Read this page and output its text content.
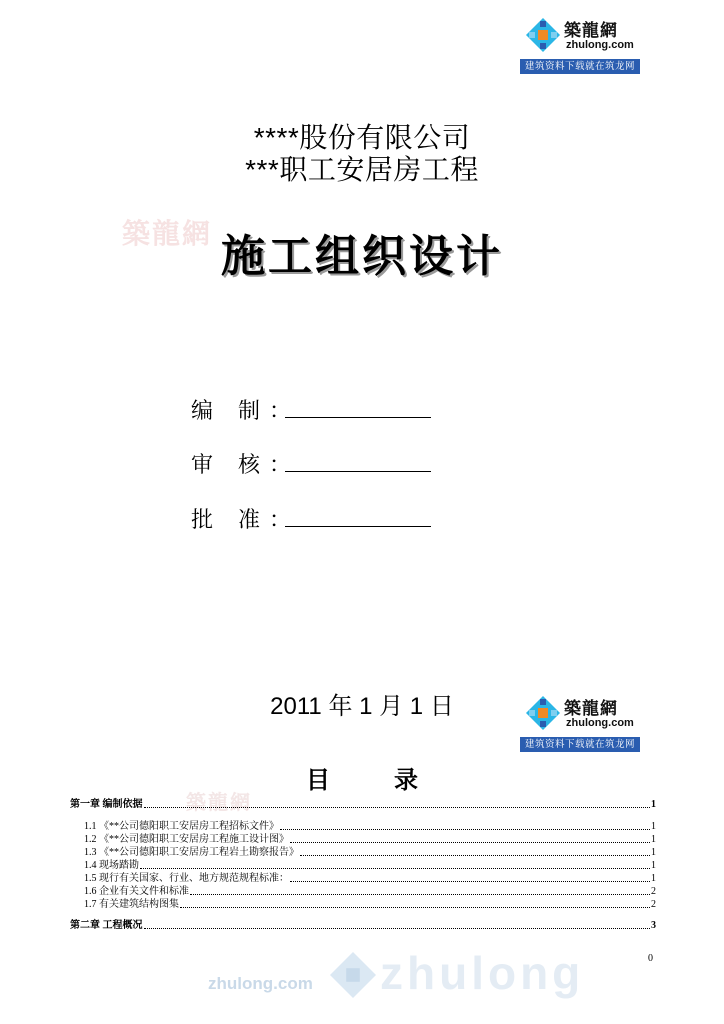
築龍網
zhulong.com
建筑资料下载就在筑龙网
****股份有限公司
***职工安居房工程
築龍網 施工组织设计
编 制：
审 核：
批 准：
2011 年 1 月 1 日	築龍網
zhulong.com
建筑资料下载就在筑龙网
目	录
築龍網
第一章 编制依据	1
1.1 《**公司德阳职工安居房工程招标文件》	1
1.2 《**公司德阳职工安居房工程施工设计图》	1
1.3 《**公司德阳职工安居房工程岩土勘察报告》	1
1.4 现场踏勘	1
1.5 现行有关国家、行业、地方规范规程标准：	1
1.6 企业有关文件和标准	2
1.7 有关建筑结构图集	2
第二章 工程概况	3
0
zhulong.com zhulong
